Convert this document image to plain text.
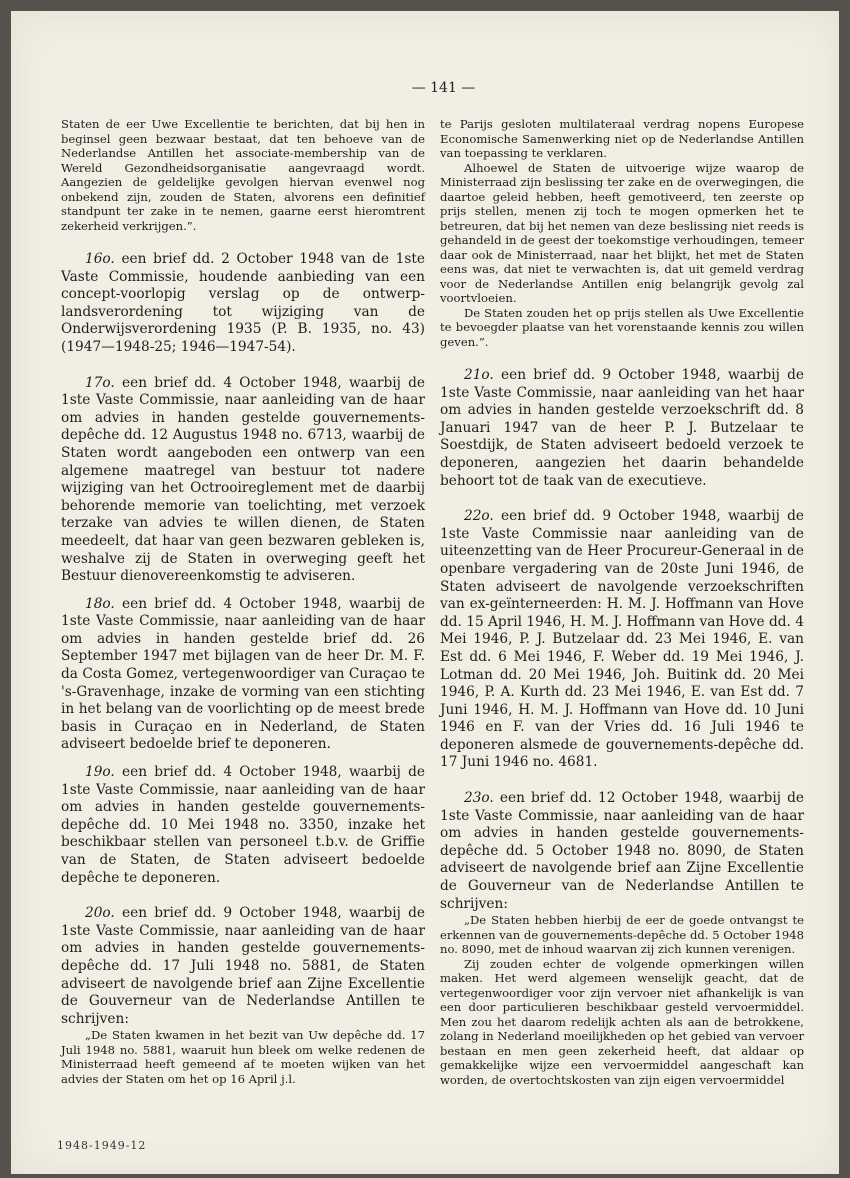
— 141 —

Staten de eer Uwe Excellentie te berichten, dat bij hen in beginsel geen bezwaar bestaat, dat ten behoeve van de Nederlandse Antillen het associate-membership van de Wereld Gezondheidsorganisatie aangevraagd wordt. Aangezien de geldelijke gevolgen hiervan evenwel nog onbekend zijn, zouden de Staten, alvorens een definitief standpunt ter zake in te nemen, gaarne eerst hieromtrent zekerheid verkrijgen.”.

16o. een brief dd. 2 October 1948 van de 1ste Vaste Commissie, houdende aanbieding van een concept-voorlopig verslag op de ontwerp-landsverordening tot wijziging van de Onderwijsverordening 1935 (P. B. 1935, no. 43) (1947—1948-25; 1946—1947-54).

17o. een brief dd. 4 October 1948, waarbij de 1ste Vaste Commissie, naar aanleiding van de haar om advies in handen gestelde gouvernements-depêche dd. 12 Augustus 1948 no. 6713, waarbij de Staten wordt aangeboden een ontwerp van een algemene maatregel van bestuur tot nadere wijziging van het Octrooireglement met de daarbij behorende memorie van toelichting, met verzoek terzake van advies te willen dienen, de Staten meedeelt, dat haar van geen bezwaren gebleken is, weshalve zij de Staten in overweging geeft het Bestuur dienovereenkomstig te adviseren.

18o. een brief dd. 4 October 1948, waarbij de 1ste Vaste Commissie, naar aanleiding van de haar om advies in handen gestelde brief dd. 26 September 1947 met bijlagen van de heer Dr. M. F. da Costa Gomez, vertegenwoordiger van Curaçao te 's-Gravenhage, inzake de vorming van een stichting in het belang van de voorlichting op de meest brede basis in Curaçao en in Nederland, de Staten adviseert bedoelde brief te deponeren.

19o. een brief dd. 4 October 1948, waarbij de 1ste Vaste Commissie, naar aanleiding van de haar om advies in handen gestelde gouvernements-depêche dd. 10 Mei 1948 no. 3350, inzake het beschikbaar stellen van personeel t.b.v. de Griffie van de Staten, de Staten adviseert bedoelde depêche te deponeren.

20o. een brief dd. 9 October 1948, waarbij de 1ste Vaste Commissie, naar aanleiding van de haar om advies in handen gestelde gouvernements-depêche dd. 17 Juli 1948 no. 5881, de Staten adviseert de navolgende brief aan Zijne Excellentie de Gouverneur van de Nederlandse Antillen te schrijven:

„De Staten kwamen in het bezit van Uw depêche dd. 17 Juli 1948 no. 5881, waaruit hun bleek om welke redenen de Ministerraad heeft gemeend af te moeten wijken van het advies der Staten om het op 16 April j.l.

te Parijs gesloten multilateraal verdrag nopens Europese Economische Samenwerking niet op de Nederlandse Antillen van toepassing te verklaren.

Alhoewel de Staten de uitvoerige wijze waarop de Ministerraad zijn beslissing ter zake en de overwegingen, die daartoe geleid hebben, heeft gemotiveerd, ten zeerste op prijs stellen, menen zij toch te mogen opmerken het te betreuren, dat bij het nemen van deze beslissing niet reeds is gehandeld in de geest der toekomstige verhoudingen, temeer daar ook de Ministerraad, naar het blijkt, het met de Staten eens was, dat niet te verwachten is, dat uit gemeld verdrag voor de Nederlandse Antillen enig belangrijk gevolg zal voortvloeien.

De Staten zouden het op prijs stellen als Uwe Excellentie te bevoegder plaatse van het vorenstaande kennis zou willen geven.”.

21o. een brief dd. 9 October 1948, waarbij de 1ste Vaste Commissie, naar aanleiding van het haar om advies in handen gestelde verzoekschrift dd. 8 Januari 1947 van de heer P. J. Butzelaar te Soestdijk, de Staten adviseert bedoeld verzoek te deponeren, aangezien het daarin behandelde behoort tot de taak van de executieve.

22o. een brief dd. 9 October 1948, waarbij de 1ste Vaste Commissie naar aanleiding van de uiteenzetting van de Heer Procureur-Generaal in de openbare vergadering van de 20ste Juni 1946, de Staten adviseert de navolgende verzoekschriften van ex-geïnterneerden: H. M. J. Hoffmann van Hove dd. 15 April 1946, H. M. J. Hoffmann van Hove dd. 4 Mei 1946, P. J. Butzelaar dd. 23 Mei 1946, E. van Est dd. 6 Mei 1946, F. Weber dd. 19 Mei 1946, J. Lotman dd. 20 Mei 1946, Joh. Buitink dd. 20 Mei 1946, P. A. Kurth dd. 23 Mei 1946, E. van Est dd. 7 Juni 1946, H. M. J. Hoffmann van Hove dd. 10 Juni 1946 en F. van der Vries dd. 16 Juli 1946 te deponeren alsmede de gouvernements-depêche dd. 17 Juni 1946 no. 4681.

23o. een brief dd. 12 October 1948, waarbij de 1ste Vaste Commissie, naar aanleiding van de haar om advies in handen gestelde gouvernements-depêche dd. 5 October 1948 no. 8090, de Staten adviseert de navolgende brief aan Zijne Excellentie de Gouverneur van de Nederlandse Antillen te schrijven:

„De Staten hebben hierbij de eer de goede ontvangst te erkennen van de gouvernements-depêche dd. 5 October 1948 no. 8090, met de inhoud waarvan zij zich kunnen verenigen.

Zij zouden echter de volgende opmerkingen willen maken. Het werd algemeen wenselijk geacht, dat de vertegenwoordiger voor zijn vervoer niet afhankelijk is van een door particulieren beschikbaar gesteld vervoermiddel. Men zou het daarom redelijk achten als aan de betrokkene, zolang in Nederland moeilijkheden op het gebied van vervoer bestaan en men geen zekerheid heeft, dat aldaar op gemakkelijke wijze een vervoermiddel aangeschaft kan worden, de overtochtskosten van zijn eigen vervoermiddel

1948-1949-12
